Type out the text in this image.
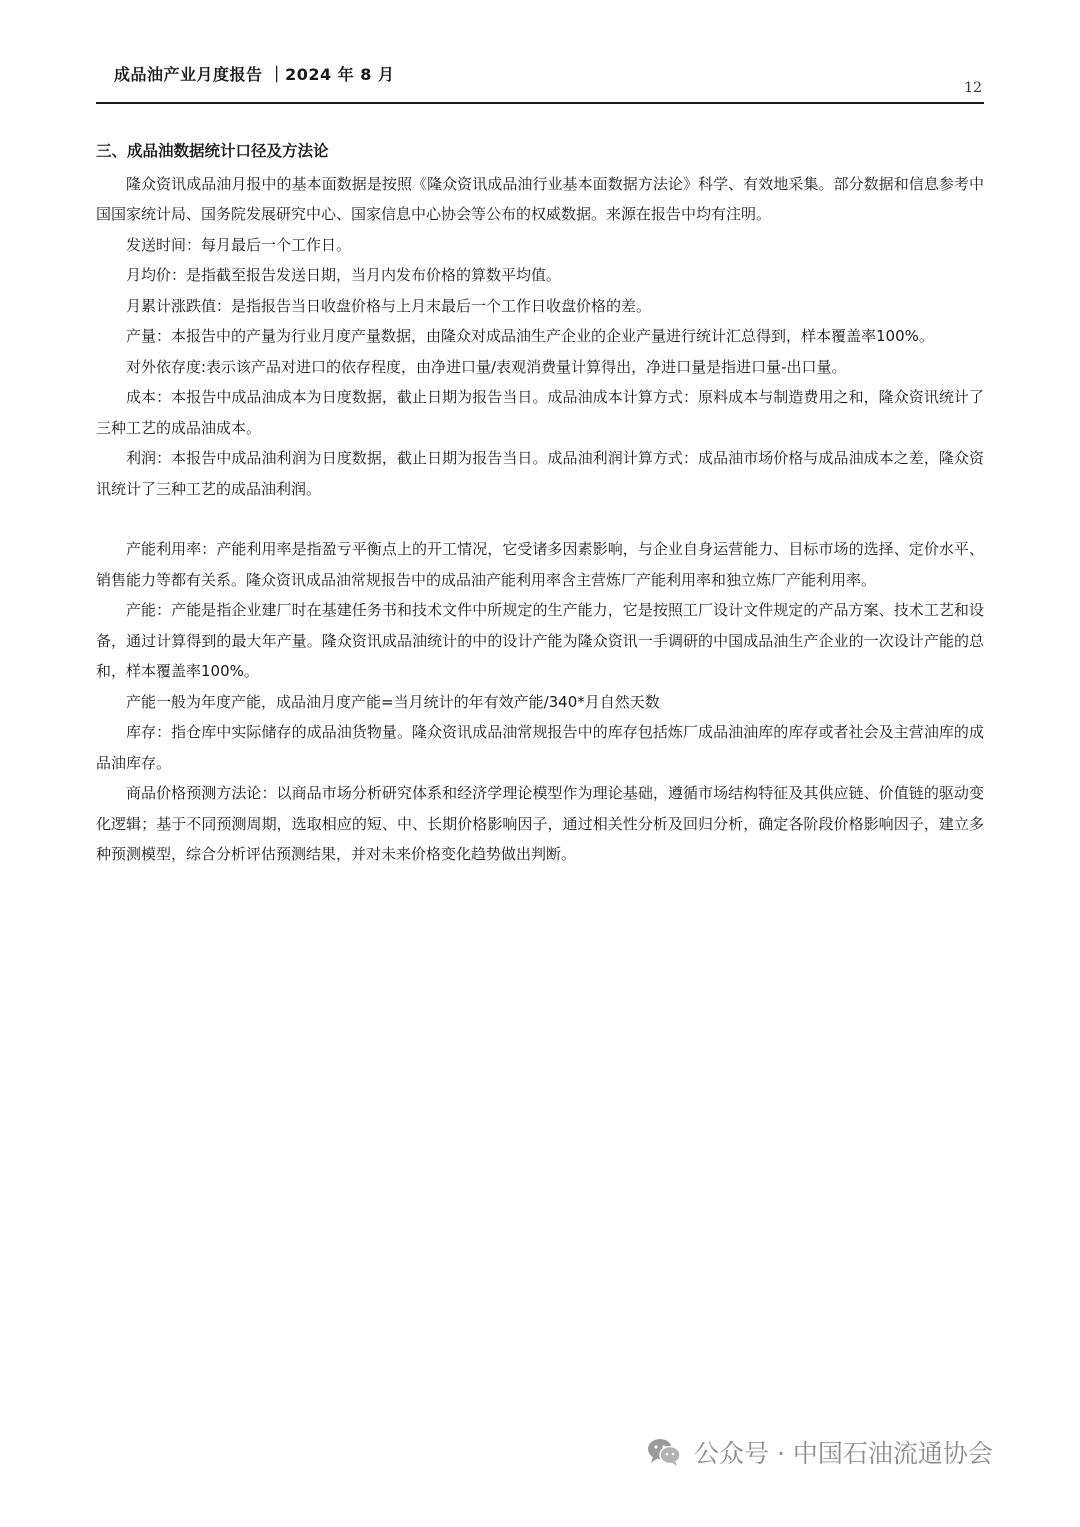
成品油产业月度报告 ｜2024 年 8 月
12
三、成品油数据统计口径及方法论

隆众资讯成品油月报中的基本面数据是按照《隆众资讯成品油行业基本面数据方法论》科学、有效地采集。部分数据和信息参考中国国家统计局、国务院发展研究中心、国家信息中心协会等公布的权威数据。来源在报告中均有注明。

发送时间：每月最后一个工作日。

月均价：是指截至报告发送日期，当月内发布价格的算数平均值。

月累计涨跌值：是指报告当日收盘价格与上月末最后一个工作日收盘价格的差。

产量：本报告中的产量为行业月度产量数据，由隆众对成品油生产企业的企业产量进行统计汇总得到，样本覆盖率100%。

对外依存度:表示该产品对进口的依存程度，由净进口量/表观消费量计算得出，净进口量是指进口量-出口量。

成本：本报告中成品油成本为日度数据，截止日期为报告当日。成品油成本计算方式：原料成本与制造费用之和，隆众资讯统计了三种工艺的成品油成本。

利润：本报告中成品油利润为日度数据，截止日期为报告当日。成品油利润计算方式：成品油市场价格与成品油成本之差，隆众资讯统计了三种工艺的成品油利润。

产能利用率：产能利用率是指盈亏平衡点上的开工情况，它受诸多因素影响，与企业自身运营能力、目标市场的选择、定价水平、销售能力等都有关系。隆众资讯成品油常规报告中的成品油产能利用率含主营炼厂产能利用率和独立炼厂产能利用率。

产能：产能是指企业建厂时在基建任务书和技术文件中所规定的生产能力，它是按照工厂设计文件规定的产品方案、技术工艺和设备，通过计算得到的最大年产量。隆众资讯成品油统计的中的设计产能为隆众资讯一手调研的中国成品油生产企业的一次设计产能的总和，样本覆盖率100%。

产能一般为年度产能，成品油月度产能=当月统计的年有效产能/340*月自然天数

库存：指仓库中实际储存的成品油货物量。隆众资讯成品油常规报告中的库存包括炼厂成品油油库的库存或者社会及主营油库的成品油库存。

商品价格预测方法论：以商品市场分析研究体系和经济学理论模型作为理论基础，遵循市场结构特征及其供应链、价值链的驱动变化逻辑；基于不同预测周期，选取相应的短、中、长期价格影响因子，通过相关性分析及回归分析，确定各阶段价格影响因子，建立多种预测模型，综合分析评估预测结果，并对未来价格变化趋势做出判断。

公众号 · 中国石油流通协会
